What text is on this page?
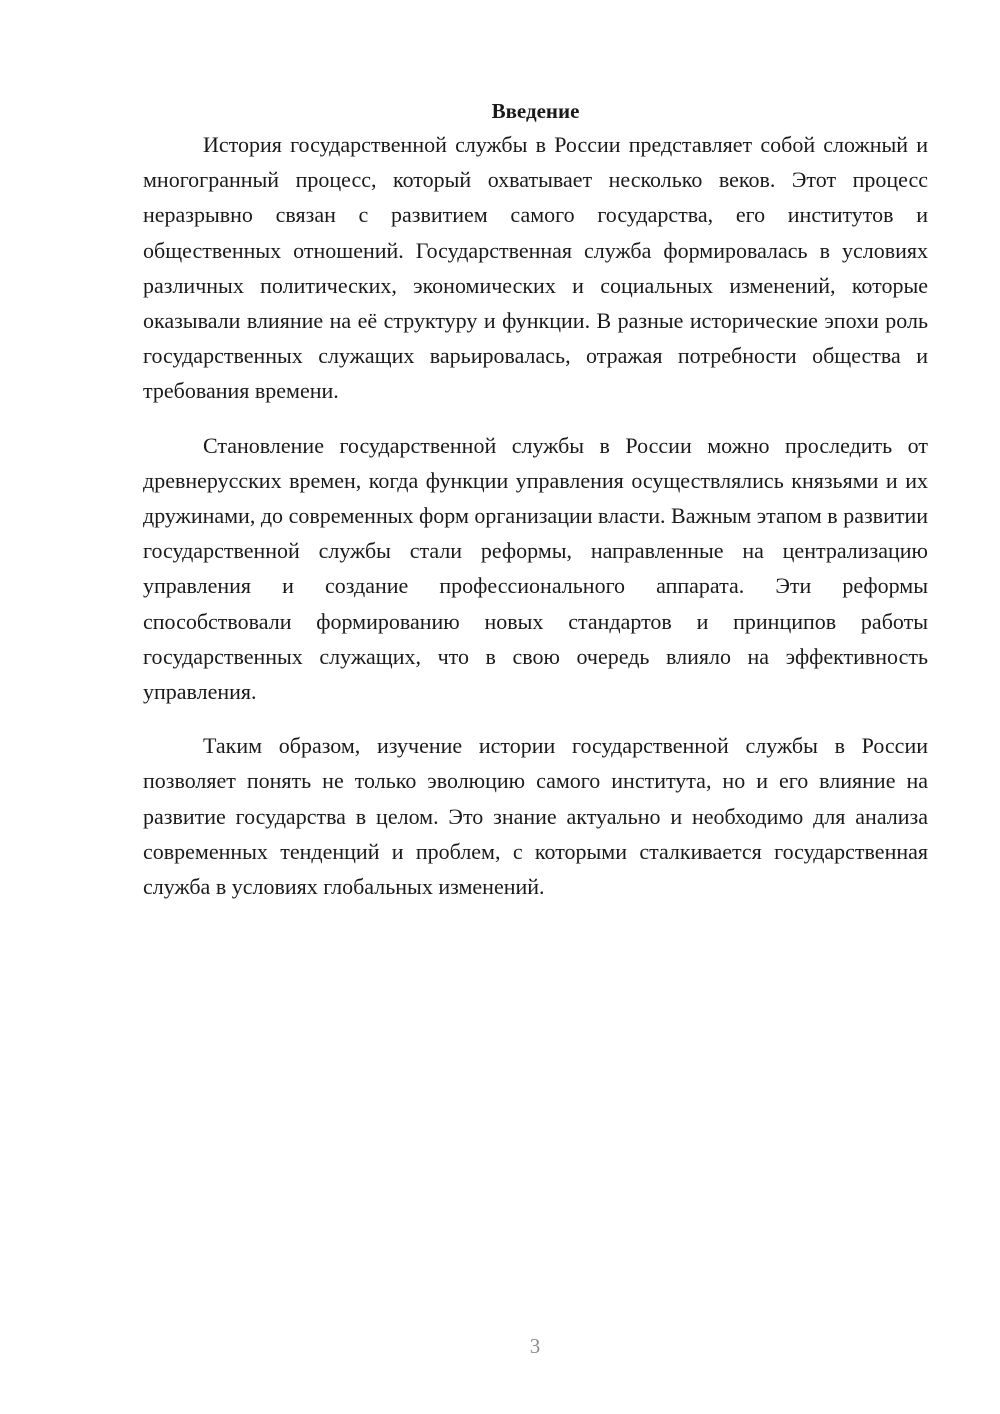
Введение

История государственной службы в России представляет собой сложный и многогранный процесс, который охватывает несколько веков. Этот процесс неразрывно связан с развитием самого государства, его институтов и общественных отношений. Государственная служба формировалась в условиях различных политических, экономических и социальных изменений, которые оказывали влияние на её структуру и функции. В разные исторические эпохи роль государственных служащих варьировалась, отражая потребности общества и требования времени.

Становление государственной службы в России можно проследить от древнерусских времен, когда функции управления осуществлялись князьями и их дружинами, до современных форм организации власти. Важным этапом в развитии государственной службы стали реформы, направленные на централизацию управления и создание профессионального аппарата. Эти реформы способствовали формированию новых стандартов и принципов работы государственных служащих, что в свою очередь влияло на эффективность управления.

Таким образом, изучение истории государственной службы в России позволяет понять не только эволюцию самого института, но и его влияние на развитие государства в целом. Это знание актуально и необходимо для анализа современных тенденций и проблем, с которыми сталкивается государственная служба в условиях глобальных изменений.

3
